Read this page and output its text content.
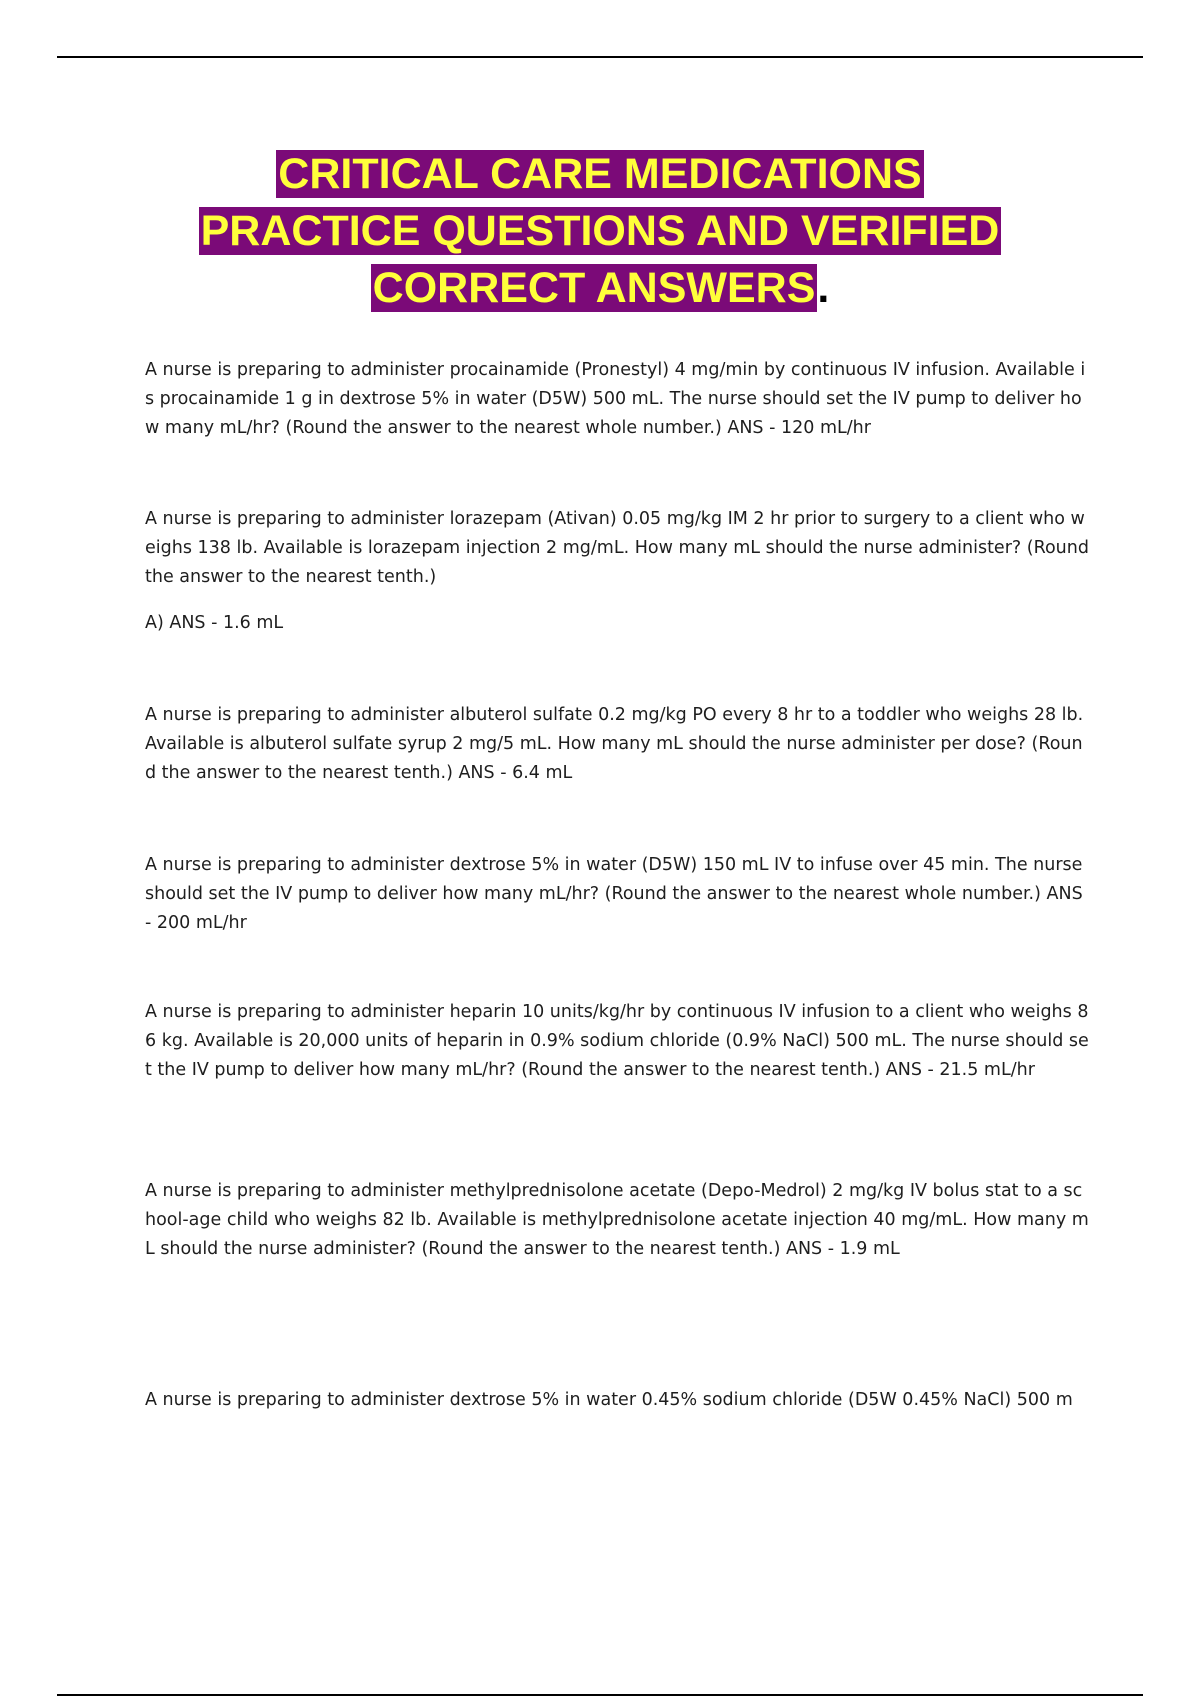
CRITICAL CARE MEDICATIONS
PRACTICE QUESTIONS AND VERIFIED
CORRECT ANSWERS.

A nurse is preparing to administer procainamide (Pronestyl) 4 mg/min by continuous IV infusion. Available is procainamide 1 g in dextrose 5% in water (D5W) 500 mL. The nurse should set the IV pump to deliver how many mL/hr? (Round the answer to the nearest whole number.) ANS - 120 mL/hr

A nurse is preparing to administer lorazepam (Ativan) 0.05 mg/kg IM 2 hr prior to surgery to a client who weighs 138 lb. Available is lorazepam injection 2 mg/mL. How many mL should the nurse administer? (Round the answer to the nearest tenth.)

A) ANS - 1.6 mL

A nurse is preparing to administer albuterol sulfate 0.2 mg/kg PO every 8 hr to a toddler who weighs 28 lb. Available is albuterol sulfate syrup 2 mg/5 mL. How many mL should the nurse administer per dose? (Round the answer to the nearest tenth.) ANS - 6.4 mL

A nurse is preparing to administer dextrose 5% in water (D5W) 150 mL IV to infuse over 45 min. The nurse should set the IV pump to deliver how many mL/hr? (Round the answer to the nearest whole number.) ANS - 200 mL/hr

A nurse is preparing to administer heparin 10 units/kg/hr by continuous IV infusion to a client who weighs 86 kg. Available is 20,000 units of heparin in 0.9% sodium chloride (0.9% NaCl) 500 mL. The nurse should set the IV pump to deliver how many mL/hr? (Round the answer to the nearest tenth.) ANS - 21.5 mL/hr

A nurse is preparing to administer methylprednisolone acetate (Depo-Medrol) 2 mg/kg IV bolus stat to a school-age child who weighs 82 lb. Available is methylprednisolone acetate injection 40 mg/mL. How many mL should the nurse administer? (Round the answer to the nearest tenth.) ANS - 1.9 mL

A nurse is preparing to administer dextrose 5% in water 0.45% sodium chloride (D5W 0.45% NaCl) 500 m
